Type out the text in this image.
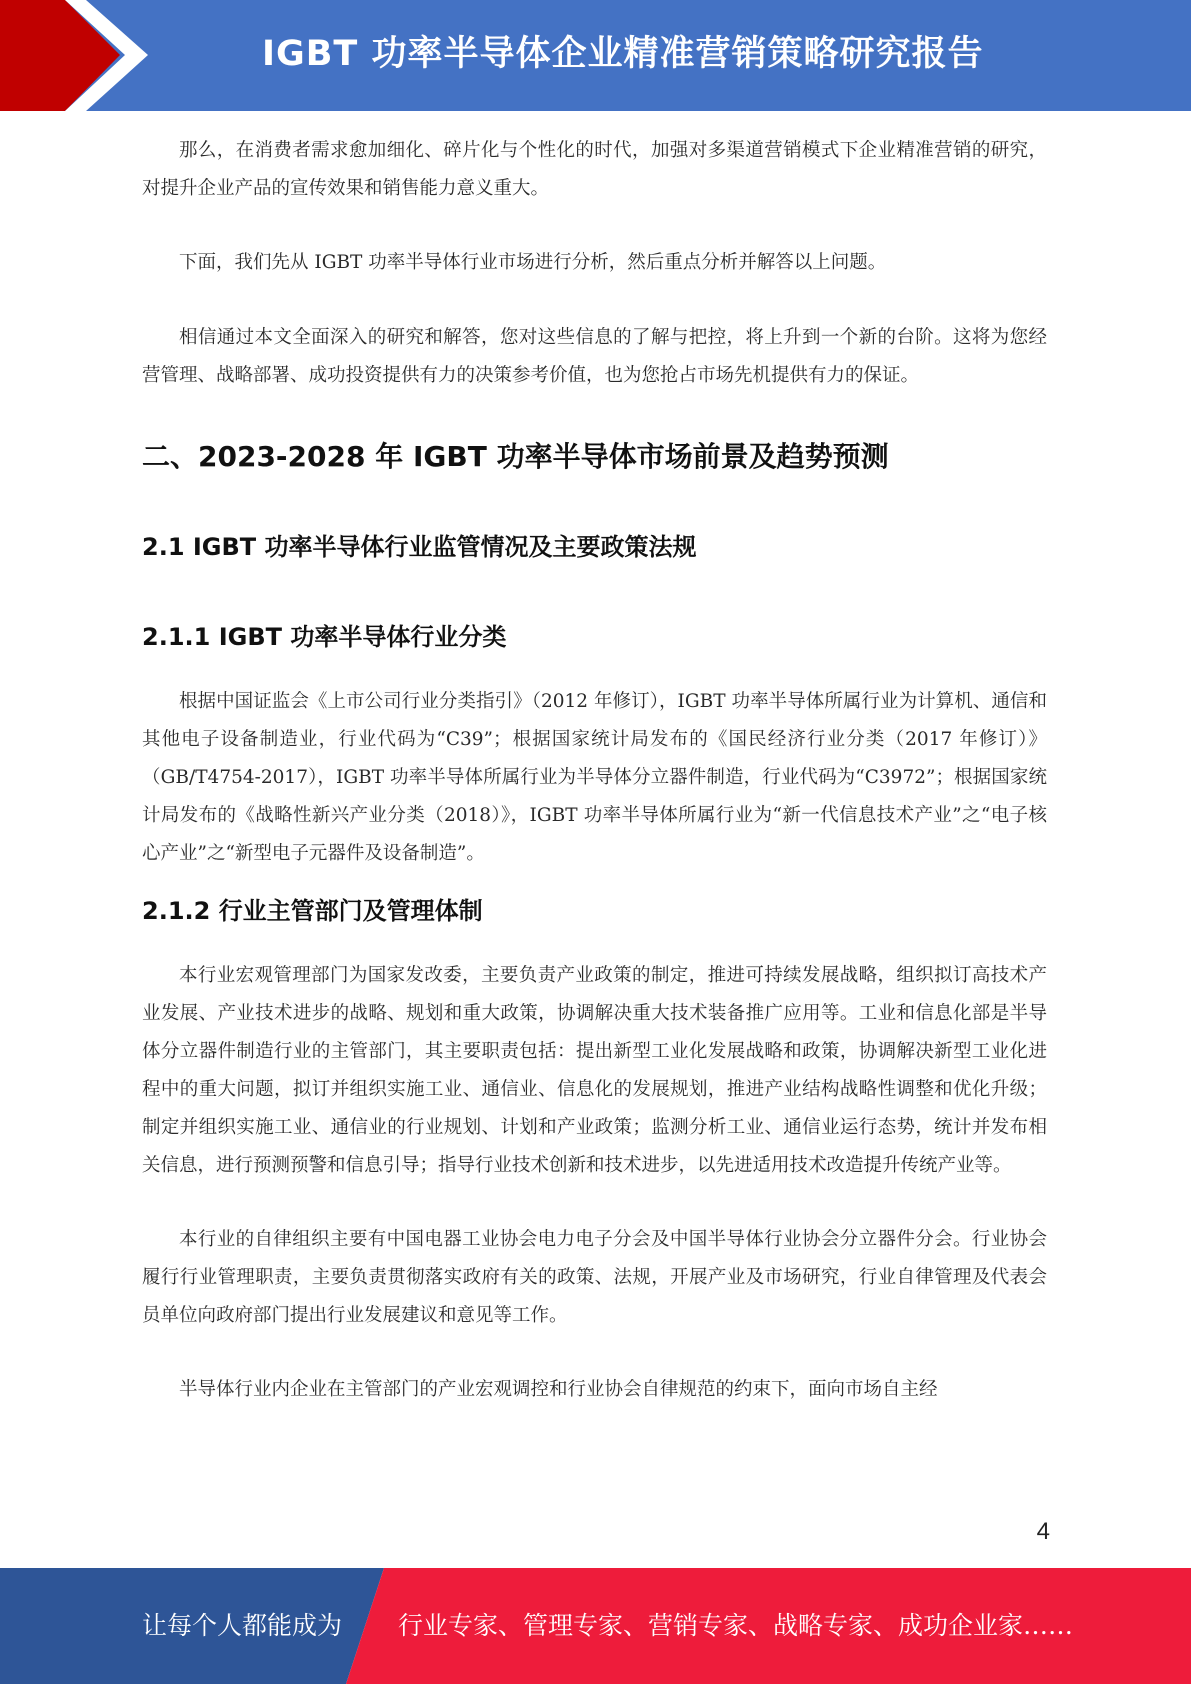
IGBT 功率半导体企业精准营销策略研究报告

那么，在消费者需求愈加细化、碎片化与个性化的时代，加强对多渠道营销模式下企业精准营销的研究，对提升企业产品的宣传效果和销售能力意义重大。

下面，我们先从 IGBT 功率半导体行业市场进行分析，然后重点分析并解答以上问题。

相信通过本文全面深入的研究和解答，您对这些信息的了解与把控，将上升到一个新的台阶。这将为您经营管理、战略部署、成功投资提供有力的决策参考价值，也为您抢占市场先机提供有力的保证。

二、2023-2028 年 IGBT 功率半导体市场前景及趋势预测
2.1 IGBT 功率半导体行业监管情况及主要政策法规
2.1.1 IGBT 功率半导体行业分类

根据中国证监会《上市公司行业分类指引》（2012 年修订），IGBT 功率半导体所属行业为计算机、通信和其他电子设备制造业，行业代码为“C39”；根据国家统计局发布的《国民经济行业分类（2017 年修订）》（GB/T4754-2017），IGBT 功率半导体所属行业为半导体分立器件制造，行业代码为“C3972”；根据国家统计局发布的《战略性新兴产业分类（2018）》，IGBT 功率半导体所属行业为“新一代信息技术产业”之“电子核心产业”之“新型电子元器件及设备制造”。

2.1.2 行业主管部门及管理体制

本行业宏观管理部门为国家发改委，主要负责产业政策的制定，推进可持续发展战略，组织拟订高技术产业发展、产业技术进步的战略、规划和重大政策，协调解决重大技术装备推广应用等。工业和信息化部是半导体分立器件制造行业的主管部门，其主要职责包括：提出新型工业化发展战略和政策，协调解决新型工业化进程中的重大问题，拟订并组织实施工业、通信业、信息化的发展规划，推进产业结构战略性调整和优化升级；制定并组织实施工业、通信业的行业规划、计划和产业政策；监测分析工业、通信业运行态势，统计并发布相关信息，进行预测预警和信息引导；指导行业技术创新和技术进步，以先进适用技术改造提升传统产业等。

本行业的自律组织主要有中国电器工业协会电力电子分会及中国半导体行业协会分立器件分会。行业协会履行行业管理职责，主要负责贯彻落实政府有关的政策、法规，开展产业及市场研究，行业自律管理及代表会员单位向政府部门提出行业发展建议和意见等工作。

半导体行业内企业在主管部门的产业宏观调控和行业协会自律规范的约束下，面向市场自主经

4
让每个人都能成为 行业专家、管理专家、营销专家、战略专家、成功企业家……
